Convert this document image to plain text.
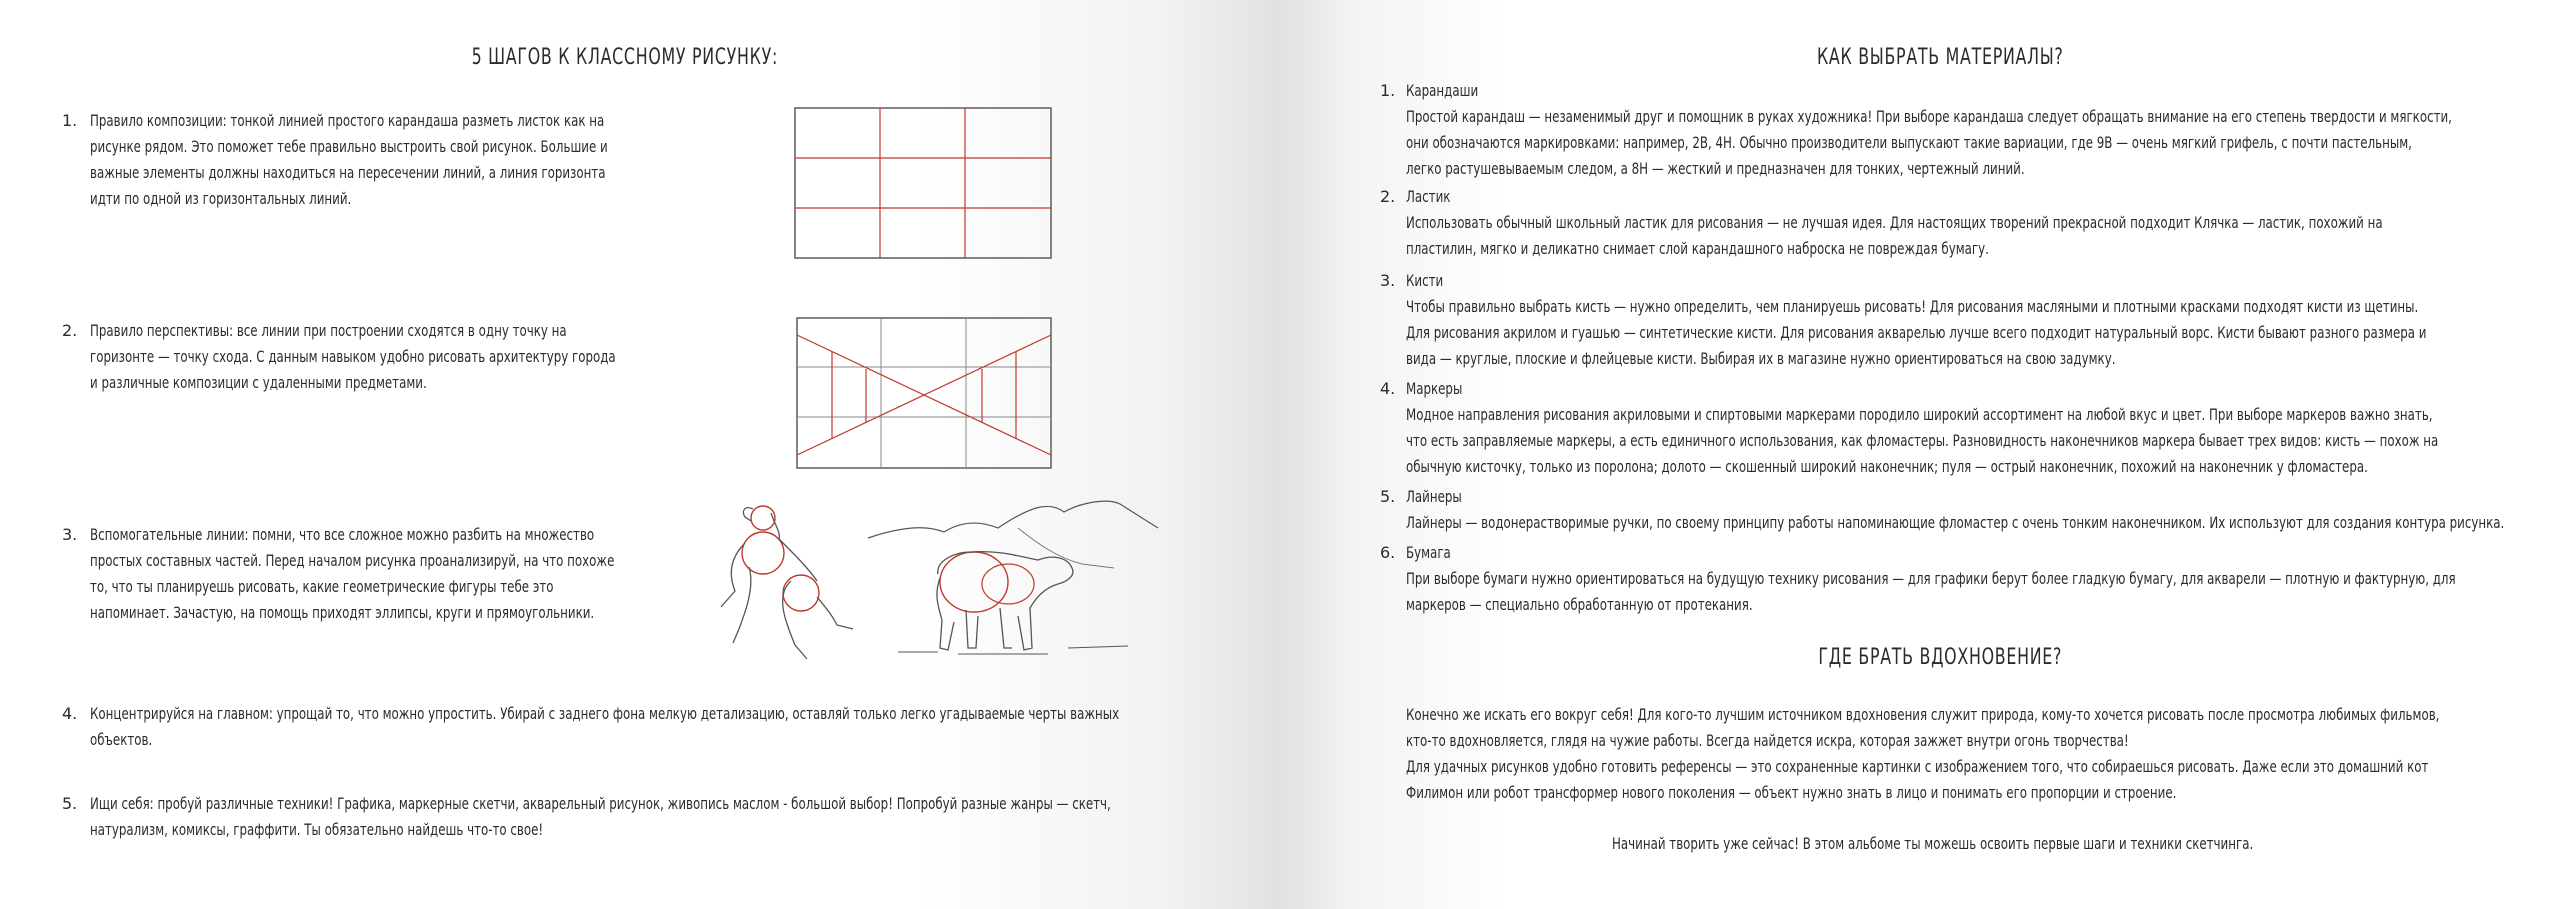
5 ШАГОВ К КЛАССНОМУ РИСУНКУ:
1. Правило композиции: тонкой линией простого карандаша разметь листок как на
рисунке рядом. Это поможет тебе правильно выстроить свой рисунок. Большие и
важные элементы должны находиться на пересечении линий, а линия горизонта
идти по одной из горизонтальных линий.
2. Правило перспективы: все линии при построении сходятся в одну точку на
горизонте — точку схода. С данным навыком удобно рисовать архитектуру города
и различные композиции с удаленными предметами.
3. Вспомогательные линии: помни, что все сложное можно разбить на множество
простых составных частей. Перед началом рисунка проанализируй, на что похоже
то, что ты планируешь рисовать, какие геометрические фигуры тебе это
напоминает. Зачастую, на помощь приходят эллипсы, круги и прямоугольники.
4. Концентрируйся на главном: упрощай то, что можно упростить. Убирай с заднего фона мелкую детализацию, оставляй только легко угадываемые черты важных
объектов.
5. Ищи себя: пробуй различные техники! Графика, маркерные скетчи, акварельный рисунок, живопись маслом - большой выбор! Попробуй разные жанры — скетч,
натурализм, комиксы, граффити. Ты обязательно найдешь что-то свое!
КАК ВЫБРАТЬ МАТЕРИАЛЫ?
1. Карандаши
Простой карандаш — незаменимый друг и помощник в руках художника! При выборе карандаша следует обращать внимание на его степень твердости и мягкости,
они обозначаются маркировками: например, 2В, 4Н. Обычно производители выпускают такие вариации, где 9В — очень мягкий грифель, с почти пастельным,
легко растушевываемым следом, а 8Н — жесткий и предназначен для тонких, чертежный линий.
2. Ластик
Использовать обычный школьный ластик для рисования — не лучшая идея. Для настоящих творений прекрасной подходит Клячка — ластик, похожий на
пластилин, мягко и деликатно снимает слой карандашного наброска не повреждая бумагу.
3. Кисти
Чтобы правильно выбрать кисть — нужно определить, чем планируешь рисовать! Для рисования масляными и плотными красками подходят кисти из щетины.
Для рисования акрилом и гуашью — синтетические кисти. Для рисования акварелью лучше всего подходит натуральный ворс. Кисти бывают разного размера и
вида — круглые, плоские и флейцевые кисти. Выбирая их в магазине нужно ориентироваться на свою задумку.
4. Маркеры
Модное направления рисования акриловыми и спиртовыми маркерами породило широкий ассортимент на любой вкус и цвет. При выборе маркеров важно знать,
что есть заправляемые маркеры, а есть единичного использования, как фломастеры. Разновидность наконечников маркера бывает трех видов: кисть — похож на
обычную кисточку, только из поролона; долото — скошенный широкий наконечник; пуля — острый наконечник, похожий на наконечник у фломастера.
5. Лайнеры
Лайнеры — водонерастворимые ручки, по своему принципу работы напоминающие фломастер с очень тонким наконечником. Их используют для создания контура рисунка.
6. Бумага
При выборе бумаги нужно ориентироваться на будущую технику рисования — для графики берут более гладкую бумагу, для акварели — плотную и фактурную, для
маркеров — специально обработанную от протекания.
ГДЕ БРАТЬ ВДОХНОВЕНИЕ?
Конечно же искать его вокруг себя! Для кого-то лучшим источником вдохновения служит природа, кому-то хочется рисовать после просмотра любимых фильмов,
кто-то вдохновляется, глядя на чужие работы. Всегда найдется искра, которая зажжет внутри огонь творчества!
Для удачных рисунков удобно готовить референсы — это сохраненные картинки с изображением того, что собираешься рисовать. Даже если это домашний кот
Филимон или робот трансформер нового поколения — объект нужно знать в лицо и понимать его пропорции и строение.
Начинай творить уже сейчас! В этом альбоме ты можешь освоить первые шаги и техники скетчинга.
